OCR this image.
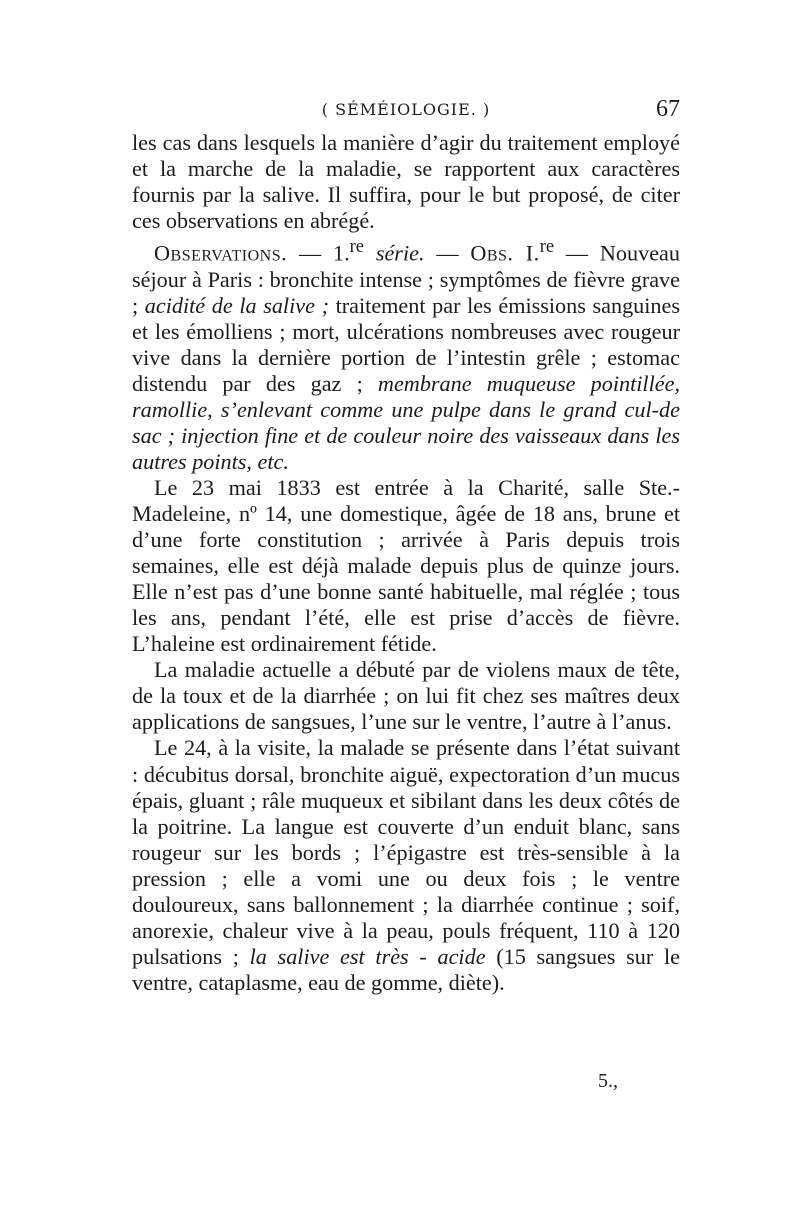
( SÉMÉIOLOGIE. )	67

les cas dans lesquels la manière d’agir du traitement employé et la marche de la maladie, se rapportent aux caractères fournis par la salive. Il suffira, pour le but proposé, de citer ces observations en abrégé.

Observations. — 1.$^{re}$ série. — Obs. I.$^{re}$ — Nouveau séjour à Paris : bronchite intense ; symptômes de fièvre grave ; acidité de la salive ; traitement par les émissions sanguines et les émolliens ; mort, ulcérations nombreuses avec rougeur vive dans la dernière portion de l’intestin grêle ; estomac distendu par des gaz ; membrane muqueuse pointillée, ramollie, s’enlevant comme une pulpe dans le grand cul-de sac ; injection fine et de couleur noire des vaisseaux dans les autres points, etc.

Le 23 mai 1833 est entrée à la Charité, salle Ste.-Madeleine, nº 14, une domestique, âgée de 18 ans, brune et d’une forte constitution ; arrivée à Paris depuis trois semaines, elle est déjà malade depuis plus de quinze jours. Elle n’est pas d’une bonne santé habituelle, mal réglée ; tous les ans, pendant l’été, elle est prise d’accès de fièvre. L’haleine est ordinairement fétide.

La maladie actuelle a débuté par de violens maux de tête, de la toux et de la diarrhée ; on lui fit chez ses maîtres deux applications de sangsues, l’une sur le ventre, l’autre à l’anus.

Le 24, à la visite, la malade se présente dans l’état suivant : décubitus dorsal, bronchite aiguë, expectoration d’un mucus épais, gluant ; râle muqueux et sibilant dans les deux côtés de la poitrine. La langue est couverte d’un enduit blanc, sans rougeur sur les bords ; l’épigastre est très-sensible à la pression ; elle a vomi une ou deux fois ; le ventre douloureux, sans ballonnement ; la diarrhée continue ; soif, anorexie, chaleur vive à la peau, pouls fréquent, 110 à 120 pulsations ; la salive est très - acide (15 sangsues sur le ventre, cataplasme, eau de gomme, diète).

5.,
